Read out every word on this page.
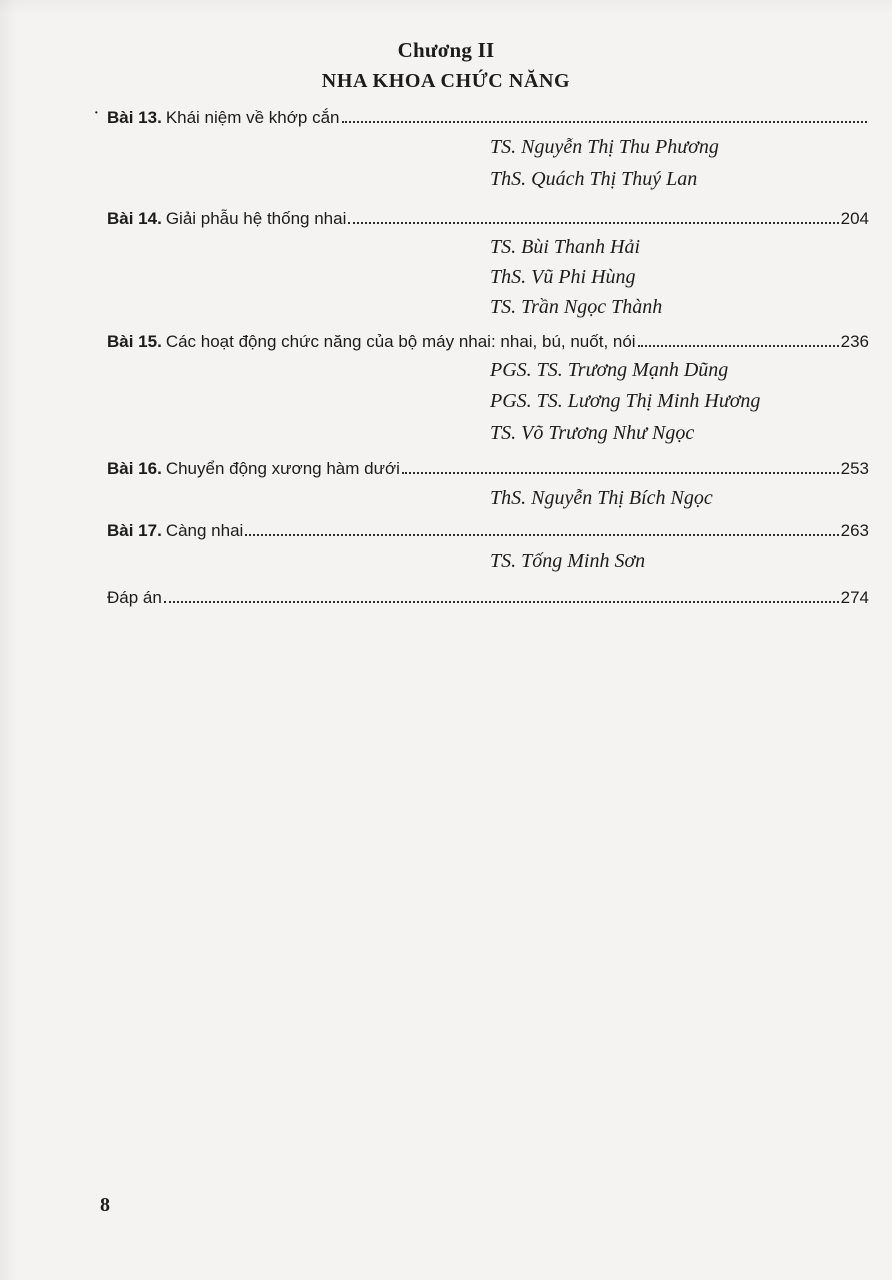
·
Chương II
NHA KHOA CHỨC NĂNG
Bài 13. Khái niệm về khớp cắn
TS. Nguyễn Thị Thu Phương
ThS. Quách Thị Thuý Lan
Bài 14. Giải phẫu hệ thống nhai	204
TS. Bùi Thanh Hải
ThS. Vũ Phi Hùng
TS. Trần Ngọc Thành
Bài 15. Các hoạt động chức năng của bộ máy nhai: nhai, bú, nuốt, nói	236
PGS. TS. Trương Mạnh Dũng
PGS. TS. Lương Thị Minh Hương
TS. Võ Trương Như Ngọc
Bài 16. Chuyển động xương hàm dưới	253
ThS. Nguyễn Thị Bích Ngọc
Bài 17. Càng nhai	263
TS. Tống Minh Sơn
Đáp án	274
8
